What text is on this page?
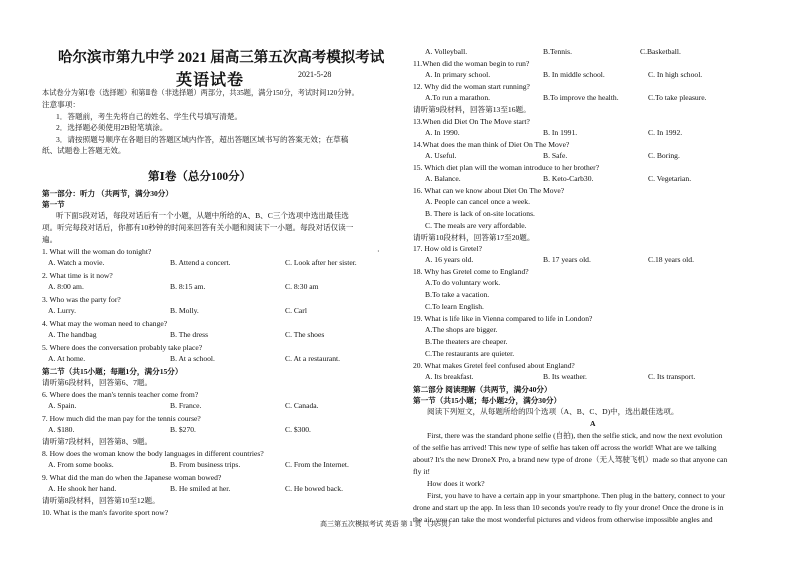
哈尔滨市第九中学 2021 届高三第五次高考模拟考试
英语试卷	2021-5-28
本试卷分为第Ⅰ卷（选择题）和第Ⅱ卷（非选择题）两部分，共35题，满分150分，考试时间120分钟。
注意事项：
1．答题前，考生先将自己的姓名、学生代号填写清楚。
2．选择题必须使用2B铅笔填涂。
3．请按照题号顺序在各题目的答题区域内作答，超出答题区域书写的答案无效；在草稿
纸、试题卷上答题无效。
第Ⅰ卷（总分100分）
第一部分：听力 （共两节，满分30分）
第一节
听下面5段对话，每段对话后有一个小题，从题中所给的A、B、C三个选项中选出最佳选
项。听完每段对话后，你都有10秒钟的时间来回答有关小题和阅读下一小题。每段对话仅读一
遍。
·
1. What will the woman do tonight?
A. Watch a movie.	B. Attend a concert.	C. Look after her sister.
2. What time is it now?
A. 8:00 am.	B. 8:15 am.	C. 8:30 am
3. Who was the party for?
A. Lurry.	B. Molly.	C. Carl
4. What may the woman need to change?
A. The handbag	B. The dress	C. The shoes
5. Where does the conversation probably take place?
A. At home.	B. At a school.	C. At a restaurant.
第二节（共15小题；每题1分，满分15分）
请听第6段材料，回答第6、7题。
6. Where does the man's tennis teacher come from?
A. Spain.	B. France.	C. Canada.
7. How much did the man pay for the tennis course?
A. $180.	B. $270.	C. $300.
请听第7段材料，回答第8、9题。
8. How does the woman know the body languages in different countries?
A. From some books.	B. From business trips.	C. From the Internet.
9. What did the man do when the Japanese woman bowed?
A. He shook her hand.	B. He smiled at her.	C. He bowed back.
请听第8段材料，回答第10至12题。
10. What is the man's favorite sport now?
A. Volleyball.	B.Tennis.	C.Basketball.
11.When did the woman begin to run?
A. In primary school.	B. In middle school.	C. In high school.
12. Why did the woman start running?
A.To run a marathon.	B.To improve the health.	C.To take pleasure.
请听第9段材料，回答第13至16题。
13.When did Diet On The Move start?
A. In 1990.	B. In 1991.	C. In 1992.
14.What does the man think of Diet On The Move?
A. Useful.	B. Safe.	C. Boring.
15. Which diet plan will the woman introduce to her brother?
A. Balance.	B. Keto-Carb30.	C. Vegetarian.
16. What can we know about Diet On The Move?
A. People can cancel once a week.
B. There is lack of on-site locations.
C. The meals are very affordable.
请听第10段材料，回答第17至20题。
17. How old is Gretel?
A. 16 years old.	B. 17 years old.	C.18 years old.
18. Why has Gretel come to England?
A.To do voluntary work.
B.To take a vacation.
C.To learn English.
19. What is life like in Vienna compared to life in London?
A.The shops are bigger.
B.The theaters are cheaper.
C.The restaurants are quieter.
20. What makes Gretel feel confused about England?
A. Its breakfast.	B. Its weather.	C. Its transport.
第二部分 阅读理解（共两节，满分40分）
第一节（共15小题；每小题2分，满分30分）
阅读下列短文，从每题所给的四个选项（A、B、C、D)中，选出最佳选项。
A
First, there was the standard phone selfie (自拍), then the selfie stick, and now the next evolution
of the selfie has arrived! This new type of selfie has taken off across the world! What are we talking
about? It's the new DroneX Pro, a brand new type of drone（无人驾驶飞机）made so that anyone can
fly it!
How does it work?
First, you have to have a certain app in your smartphone. Then plug in the battery, connect to your
drone and start up the app. In less than 10 seconds you're ready to fly your drone! Once the drone is in
the air, you can take the most wonderful pictures and videos from otherwise impossible angles and
高三第五次模拟考试 英语 第 1 页 （共5页）
